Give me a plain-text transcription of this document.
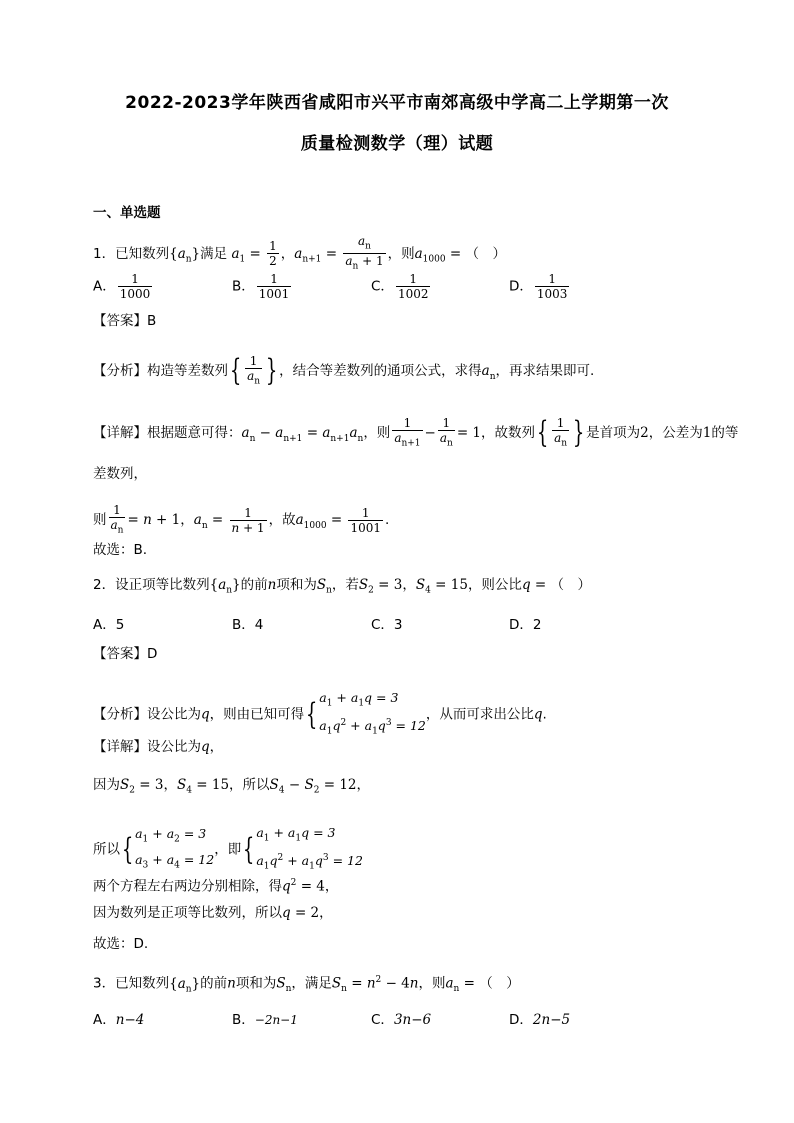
2022-2023学年陕西省咸阳市兴平市南郊高级中学高二上学期第一次
质量检测数学（理）试题
一、单选题
1．已知数列$\{a_n\}$满足 $a_1 = \frac{1}{2}$ ，$a_{n+1} = \frac{a_n}{a_n + 1}$ ，则$a_{1000}$ = （　）
A． $\frac{1}{1000}$	B． $\frac{1}{1001}$	C． $\frac{1}{1002}$	D． $\frac{1}{1003}$
【答案】B
【分析】构造等差数列{ $\frac{1}{a_n}$ } ，结合等差数列的通项公式，求得$a_n$，再求结果即可.
【详解】根据题意可得：$a_n - a_{n+1} = a_{n+1}a_n$，则 $\frac{1}{a_{n+1}} - \frac{1}{a_n} = 1$，故数列{ $\frac{1}{a_n}$ } 是首项为2，公差为1的等
差数列，
则 $\frac{1}{a_n} = n + 1$，$a_n = \frac{1}{n + 1}$ ，故$a_{1000} = \frac{1}{1001}$ .
故选：B.
2．设正项等比数列$\{a_n\}$的前n项和为$S_n$，若$S_2 = 3$，$S_4 = 15$，则公比q = （　）
A．5	B．4	C．3	D．2
【答案】D
【分析】设公比为q，则由已知可得{ $a_1 + a_1q = 3$
$a_1q^2 + a_1q^3 = 12$，从而可求出公比q.
【详解】设公比为q，
因为$S_2 = 3$，$S_4 = 15$，所以$S_4 - S_2 = 12$，
所以{ $a_1 + a_2 = 3$
$a_3 + a_4 = 12$，即{ $a_1 + a_1q = 3$
$a_1q^2 + a_1q^3 = 12$
两个方程左右两边分别相除，得$q^2 = 4$，
因为数列是正项等比数列，所以q = 2，
故选：D.
3．已知数列$\{a_n\}$的前n项和为$S_n$，满足$S_n = n^2 - 4n$，则$a_n$ = （　）
A．n−4	B．−2n−1	C．3n−6	D．2n−5
